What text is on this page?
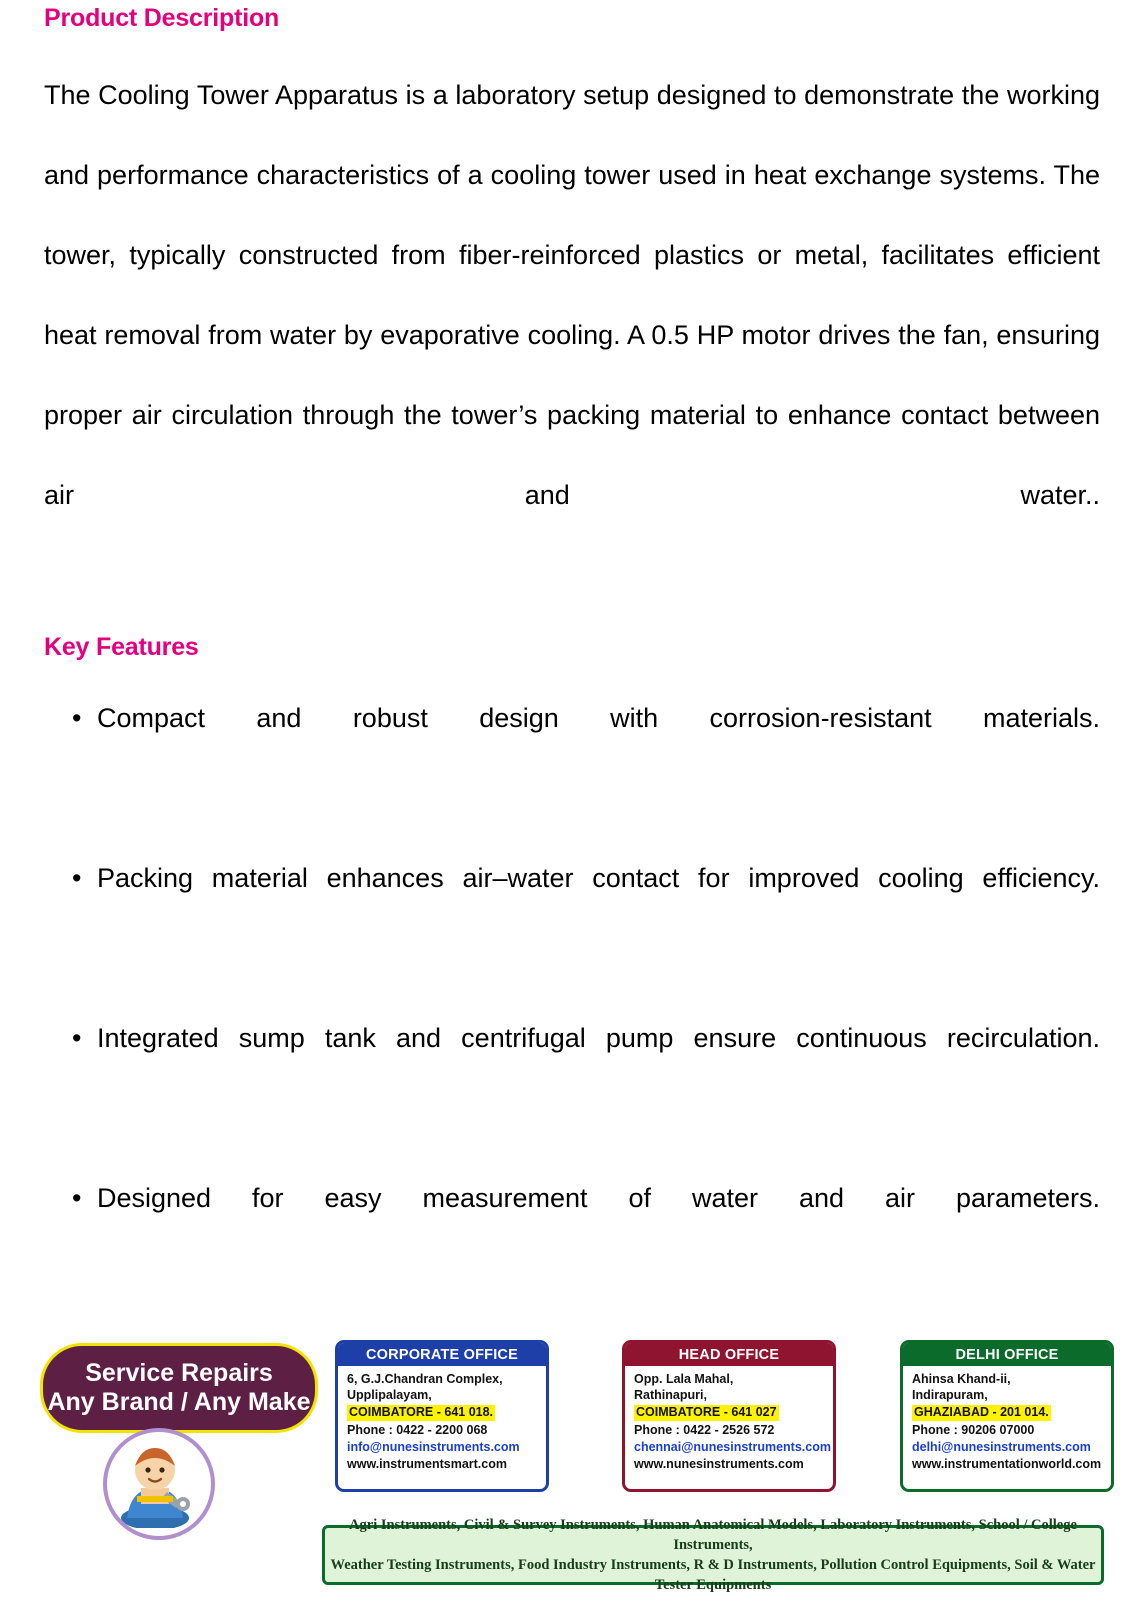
Product Description

The Cooling Tower Apparatus is a laboratory setup designed to demonstrate the working and performance characteristics of a cooling tower used in heat exchange systems. The tower, typically constructed from fiber-reinforced plastics or metal, facilitates efficient heat removal from water by evaporative cooling. A 0.5 HP motor drives the fan, ensuring proper air circulation through the tower’s packing material to enhance contact between air and water..

Key Features
• Compact and robust design with corrosion-resistant materials.
• Packing material enhances air–water contact for improved cooling efficiency.
• Integrated sump tank and centrifugal pump ensure continuous recirculation.
• Designed for easy measurement of water and air parameters.
Service Repairs
Any Brand / Any Make
CORPORATE OFFICE
6, G.J.Chandran Complex,
Upplipalayam,
COIMBATORE - 641 018.
Phone : 0422 - 2200 068
info@nunesinstruments.com
www.instrumentsmart.com
HEAD OFFICE
Opp. Lala Mahal,
Rathinapuri,
COIMBATORE - 641 027
Phone : 0422 - 2526 572
chennai@nunesinstruments.com
www.nunesinstruments.com
DELHI OFFICE
Ahinsa Khand-ii,
Indirapuram,
GHAZIABAD - 201 014.
Phone : 90206 07000
delhi@nunesinstruments.com
www.instrumentationworld.com
Agri Instruments, Civil & Survey Instruments, Human Anatomical Models, Laboratory Instruments, School / College Instruments,
Weather Testing Instruments, Food Industry Instruments, R & D Instruments, Pollution Control Equipments, Soil & Water Tester Equipments
